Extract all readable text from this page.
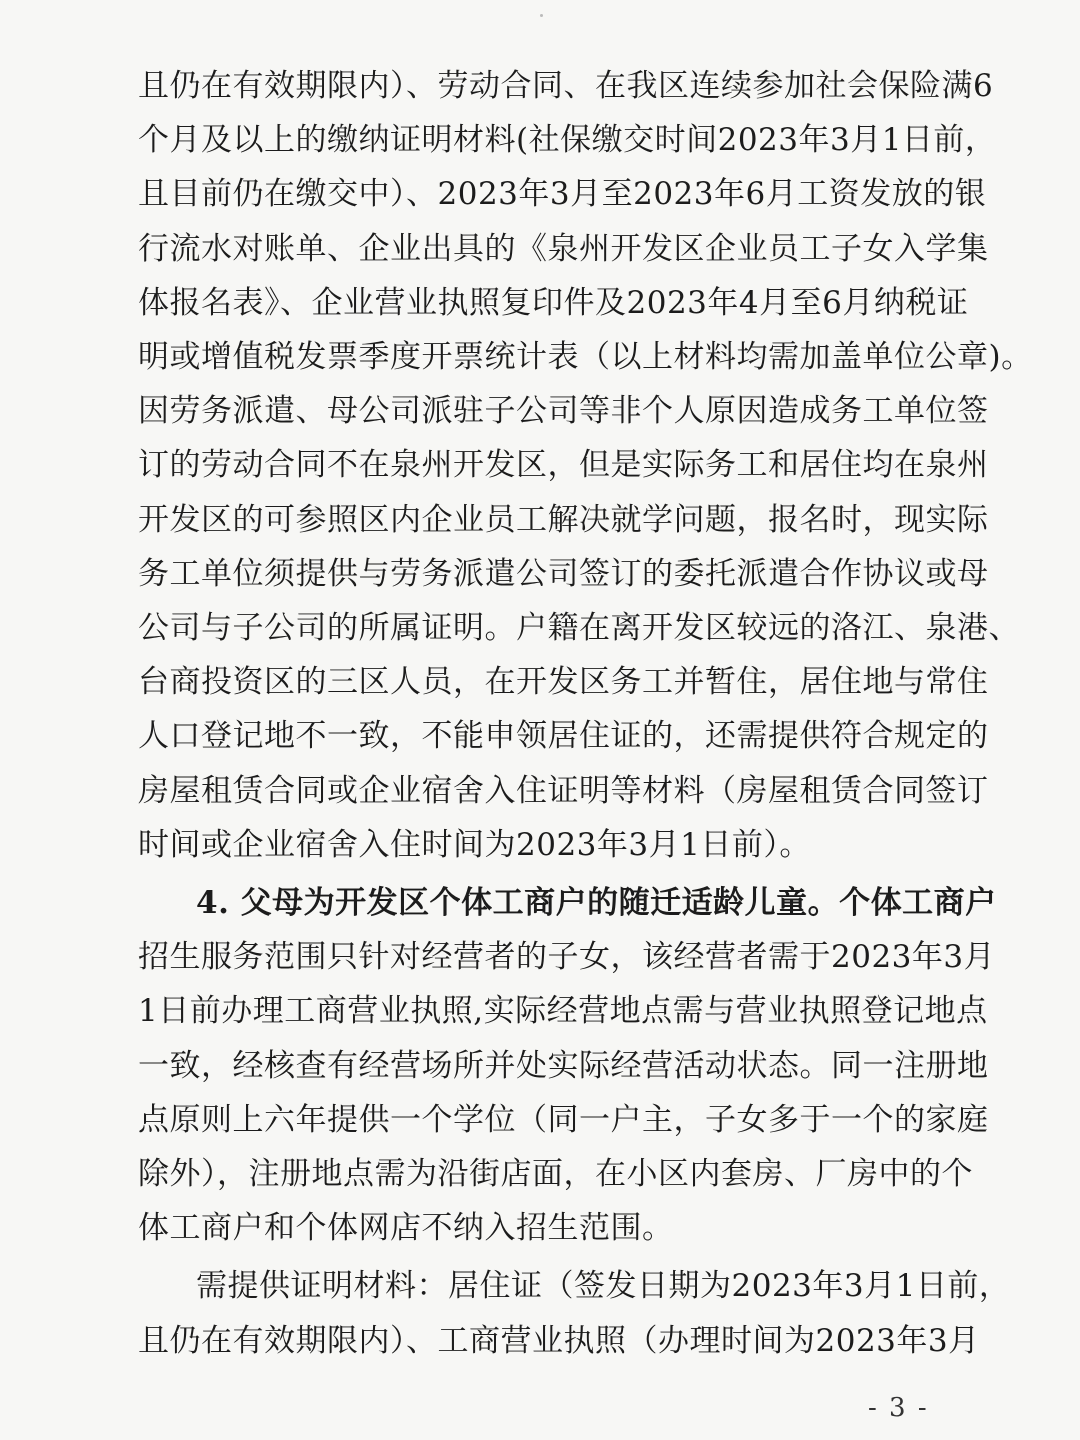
且仍在有效期限内）、劳动合同、在我区连续参加社会保险满6
个月及以上的缴纳证明材料(社保缴交时间2023年3月1日前，
且目前仍在缴交中）、2023年3月至2023年6月工资发放的银
行流水对账单、企业出具的《泉州开发区企业员工子女入学集
体报名表》、企业营业执照复印件及2023年4月至6月纳税证
明或增值税发票季度开票统计表（以上材料均需加盖单位公章)。
因劳务派遣、母公司派驻子公司等非个人原因造成务工单位签
订的劳动合同不在泉州开发区，但是实际务工和居住均在泉州
开发区的可参照区内企业员工解决就学问题，报名时，现实际
务工单位须提供与劳务派遣公司签订的委托派遣合作协议或母
公司与子公司的所属证明。户籍在离开发区较远的洛江、泉港、
台商投资区的三区人员，在开发区务工并暂住，居住地与常住
人口登记地不一致，不能申领居住证的，还需提供符合规定的
房屋租赁合同或企业宿舍入住证明等材料（房屋租赁合同签订
时间或企业宿舍入住时间为2023年3月1日前）。
4. 父母为开发区个体工商户的随迁适龄儿童。个体工商户
招生服务范围只针对经营者的子女，该经营者需于2023年3月
1日前办理工商营业执照,实际经营地点需与营业执照登记地点
一致，经核查有经营场所并处实际经营活动状态。同一注册地
点原则上六年提供一个学位（同一户主，子女多于一个的家庭
除外），注册地点需为沿街店面，在小区内套房、厂房中的个
体工商户和个体网店不纳入招生范围。
需提供证明材料：居住证（签发日期为2023年3月1日前，
且仍在有效期限内）、工商营业执照（办理时间为2023年3月
- 3 -
